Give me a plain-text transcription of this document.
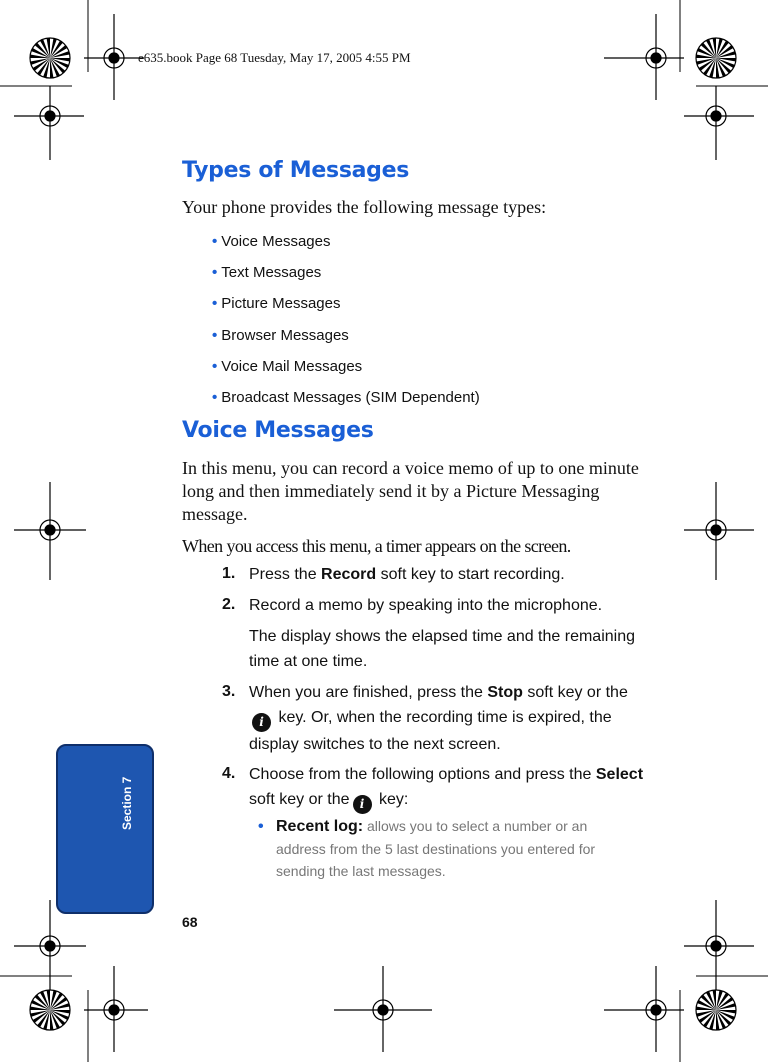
e635.book Page 68 Tuesday, May 17, 2005 4:55 PM
Types of Messages
Your phone provides the following message types:
• Voice Messages
• Text Messages
• Picture Messages
• Browser Messages
• Voice Mail Messages
• Broadcast Messages (SIM Dependent)
Voice Messages
In this menu, you can record a voice memo of up to one minute long and then immediately send it by a Picture Messaging message.
When you access this menu, a timer appears on the screen.
1. Press the Record soft key to start recording.
2. Record a memo by speaking into the microphone.
The display shows the elapsed time and the remaining time at one time.
3. When you are finished, press the Stop soft key or the
i key. Or, when the recording time is expired, the display switches to the next screen.
4. Choose from the following options and press the Select
soft key or the i key:
• Recent log: allows you to select a number or an address from the 5 last destinations you entered for sending the last messages.
Section 7
68
